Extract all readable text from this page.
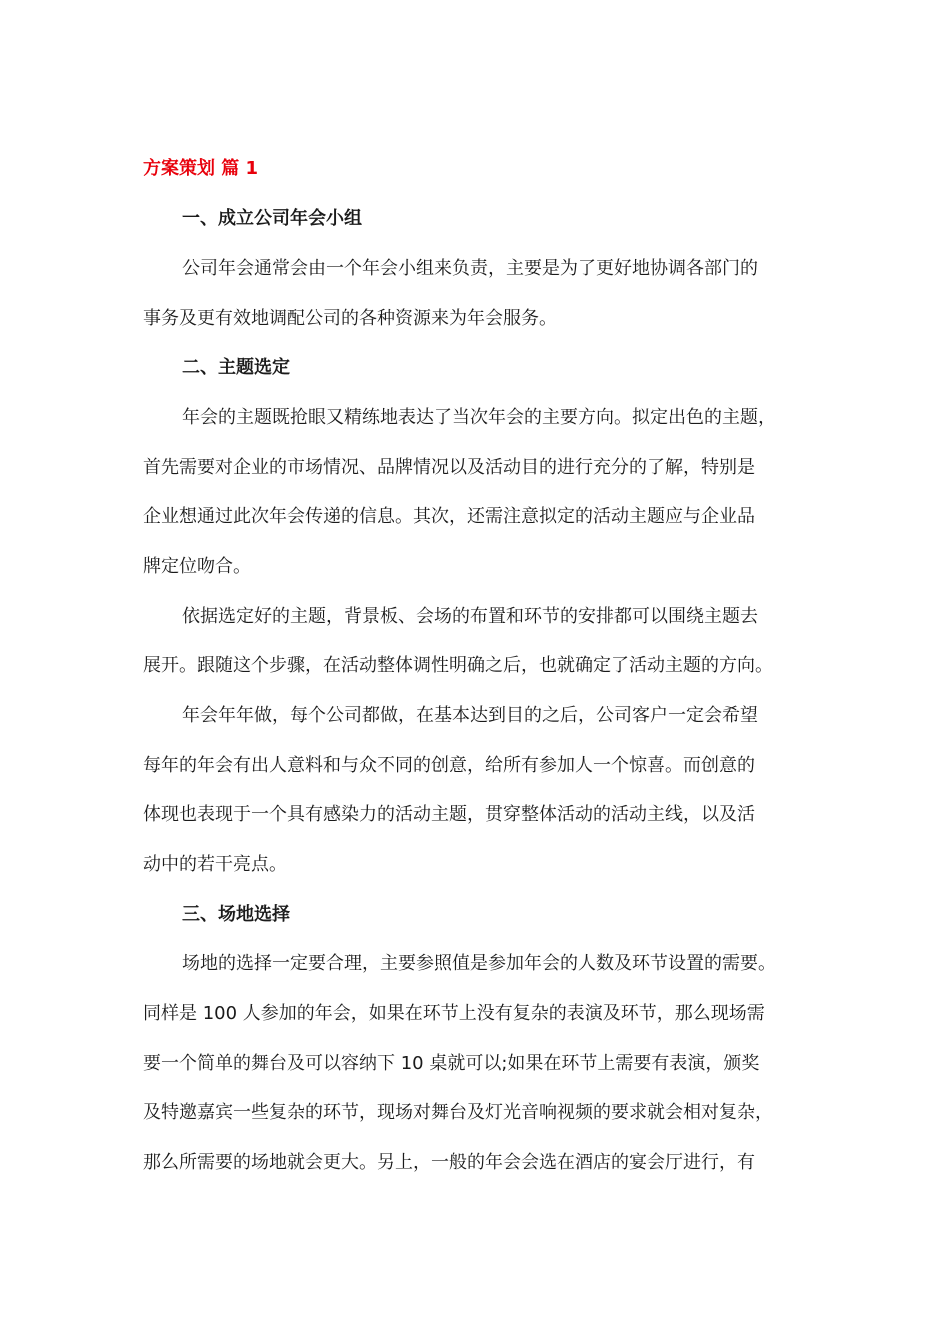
方案策划 篇 1
一、成立公司年会小组
公司年会通常会由一个年会小组来负责，主要是为了更好地协调各部门的
事务及更有效地调配公司的各种资源来为年会服务。
二、主题选定
年会的主题既抢眼又精练地表达了当次年会的主要方向。拟定出色的主题，
首先需要对企业的市场情况、品牌情况以及活动目的进行充分的了解，特别是
企业想通过此次年会传递的信息。其次，还需注意拟定的活动主题应与企业品
牌定位吻合。
依据选定好的主题，背景板、会场的布置和环节的安排都可以围绕主题去
展开。跟随这个步骤，在活动整体调性明确之后，也就确定了活动主题的方向。
年会年年做，每个公司都做，在基本达到目的之后，公司客户一定会希望
每年的年会有出人意料和与众不同的创意，给所有参加人一个惊喜。而创意的
体现也表现于一个具有感染力的活动主题，贯穿整体活动的活动主线，以及活
动中的若干亮点。
三、场地选择
场地的选择一定要合理，主要参照值是参加年会的人数及环节设置的需要。
同样是 100 人参加的年会，如果在环节上没有复杂的表演及环节，那么现场需
要一个简单的舞台及可以容纳下 10 桌就可以;如果在环节上需要有表演，颁奖
及特邀嘉宾一些复杂的环节，现场对舞台及灯光音响视频的要求就会相对复杂，
那么所需要的场地就会更大。另上，一般的年会会选在酒店的宴会厅进行，有
